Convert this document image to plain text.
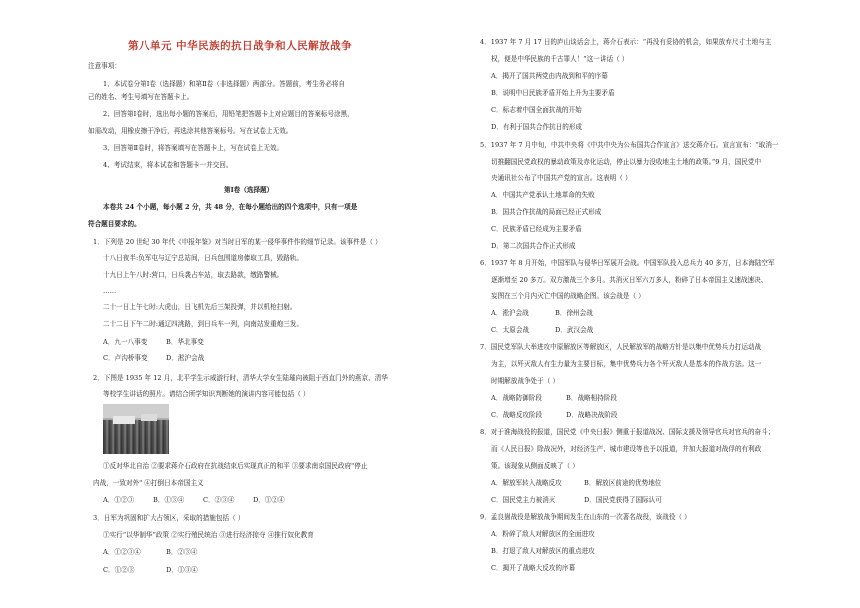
第八单元 中华民族的抗日战争和人民解放战争
注意事项：
1、本试卷分第Ⅰ卷（选择题）和第Ⅱ卷（非选择题）两部分。答题前，考生务必将自
己的姓名、考生号填写在答题卡上。
2、回答第Ⅰ卷时，选出每小题的答案后，用铅笔把答题卡上对应题目的答案标号涂黑，
如需改动，用橡皮擦干净后，再选涂其他答案标号。写在试卷上无效。
3、回答第Ⅱ卷时，将答案填写在答题卡上，写在试卷上无效。
4、考试结束，将本试卷和答题卡一并交回。
第Ⅰ卷（选择题）
本卷共 24 个小题，每小题 2 分，共 48 分，在每小题给出的四个选项中，只有一项是
符合题目要求的。
1．下列是 20 世纪 30 年代《申报年鉴》对当时日军的某一侵华事件作的细节记录。该事件是（ ）
十八日夜半:负军屯与辽宁总站间，日兵包围道房傣取工具，毁路轨。
十九日上午八时:营口，日兵袭占车站，取去路款，缴路警械。
……
二十一日上午七时:大虎山，日飞机先后三架投弹，并以机枪扫射。
二十二日下午二时:通辽四洮路，到日兵车一列，向南站发重炮三发。
A．九一八事变	B．华北事变
C．卢沟桥事变	D．淞沪会战
2．下图是 1935 年 12 月，北平学生示威游行时，清华大学女生陆璀向被阻于西直门外的燕京、清华
等校学生讲话的照片。请结合所学知识判断她的演讲内容可能包括（ ）
①反对华北自治 ②要求蒋介石政府在抗战结束后实现真正的和平 ③要求南京国民政府"停止
内战，一致对外" ④打倒日本帝国主义
A．①②③	B．①③④	C．②③④	D．①②④
3．日军为巩固和扩大占领区，采取的措施包括（ ）
①实行“以华制华”政策 ②实行殖民统治 ③进行经济掠夺 ④推行奴化教育
A．①②③④	B．②③④
C．①②③	D．①③④
4．1937 年 7 月 17 日的庐山谈话会上，蒋介石表示：“再没有妥协的机会，如果放弃尺寸土地与主
权，便是中华民族的千古罪人！”这一讲话（ ）
A．揭开了国共两党由内战到和平的序幕
B．说明中日民族矛盾开始上升为主要矛盾
C．标志着中国全面抗战的开始
D．有利于国共合作抗日的形成
5．1937 年 7 月中旬，中共中央将《中共中央为公布国共合作宣言》送交蒋介石。宣言宣布：“取消一
切推翻国民党政权的暴动政策及赤化运动，停止以暴力没收地主土地的政策。”9 月，国民党中
央通讯社公布了中国共产党的宣言。这表明（ ）
A．中国共产党承认土地革命的失败
B．国共合作抗战的局面已经正式形成
C．民族矛盾已经成为主要矛盾
D．第二次国共合作正式形成
6．1937 年 8 月开始，中国军队与侵华日军展开会战。中国军队投入总兵力 40 多万，日本海陆空军
逐渐增至 20 多万。双方激战三个多月。共消灭日军六万多人，粉碎了日本帝国主义速战速决、
妄图在三个月内灭亡中国的战略企图。该会战是（ ）
A．淞沪会战	B．徐州会战
C．太原会战	D．武汉会战
7．国民党军队大举进攻中原解放区等解放区，人民解放军的战略方针是以集中优势兵力打运动战
为主，以歼灭敌人有生力量为主要目标，集中优势兵力各个歼灭敌人是基本的作战方法。这一
时期解放战争处于（ ）
A．战略防御阶段	B．战略相持阶段
C．战略反攻阶段	D．战略决战阶段
8．对于淮海战役的报道，国民党《中央日报》侧重于报道战况、国际支援及领导官兵对官兵的奋斗；
而《人民日报》除战况外，对经济生产、城市建设等也予以报道，并加大报道对战俘的有利政
策。该现象从侧面反映了（ ）
A．解放军转入战略反攻	B．解放区前途的优势地位
C．国民党主力被消灭	D．国民党获得了国际认可
9．孟良崮战役是解放战争期间发生在山东的一次著名战役，该战役（ ）
A．粉碎了敌人对解放区的全面进攻
B．打退了敌人对解放区的重点进攻
C．揭开了战略大反攻的序幕
